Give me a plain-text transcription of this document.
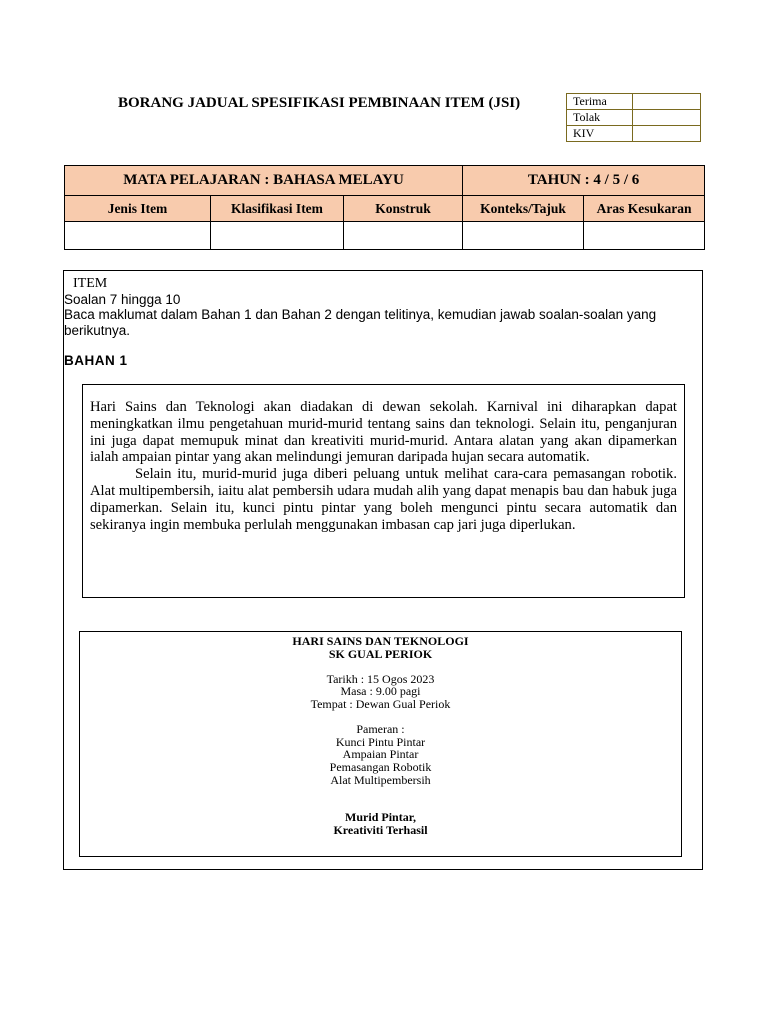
BORANG JADUAL SPESIFIKASI PEMBINAAN ITEM (JSI)	Terima	
Tolak	
KIV	
MATA PELAJARAN : BAHASA MELAYU			TAHUN : 4 / 5 / 6	
Jenis Item	Klasifikasi Item	Konstruk	Konteks/Tajuk	Aras Kesukaran

ITEM
Soalan 7 hingga 10
Baca maklumat dalam Bahan 1 dan Bahan 2 dengan telitinya, kemudian jawab soalan-soalan yang berikutnya.
BAHAN 1

Hari Sains dan Teknologi akan diadakan di dewan sekolah. Karnival ini diharapkan dapat meningkatkan ilmu pengetahuan murid-murid tentang sains dan teknologi. Selain itu, penganjuran ini juga dapat memupuk minat dan kreativiti murid-murid. Antara alatan yang akan dipamerkan ialah ampaian pintar yang akan melindungi jemuran daripada hujan secara automatik.

Selain itu, murid-murid juga diberi peluang untuk melihat cara-cara pemasangan robotik. Alat multipembersih, iaitu alat pembersih udara mudah alih yang dapat menapis bau dan habuk juga dipamerkan. Selain itu, kunci pintu pintar yang boleh mengunci pintu secara automatik dan sekiranya ingin membuka perlulah menggunakan imbasan cap jari juga diperlukan.

HARI SAINS DAN TEKNOLOGI
SK GUAL PERIOK
Tarikh : 15 Ogos 2023
Masa : 9.00 pagi
Tempat : Dewan Gual Periok
Pameran :
Kunci Pintu Pintar
Ampaian Pintar
Pemasangan Robotik
Alat Multipembersih
Murid Pintar,
Kreativiti Terhasil
